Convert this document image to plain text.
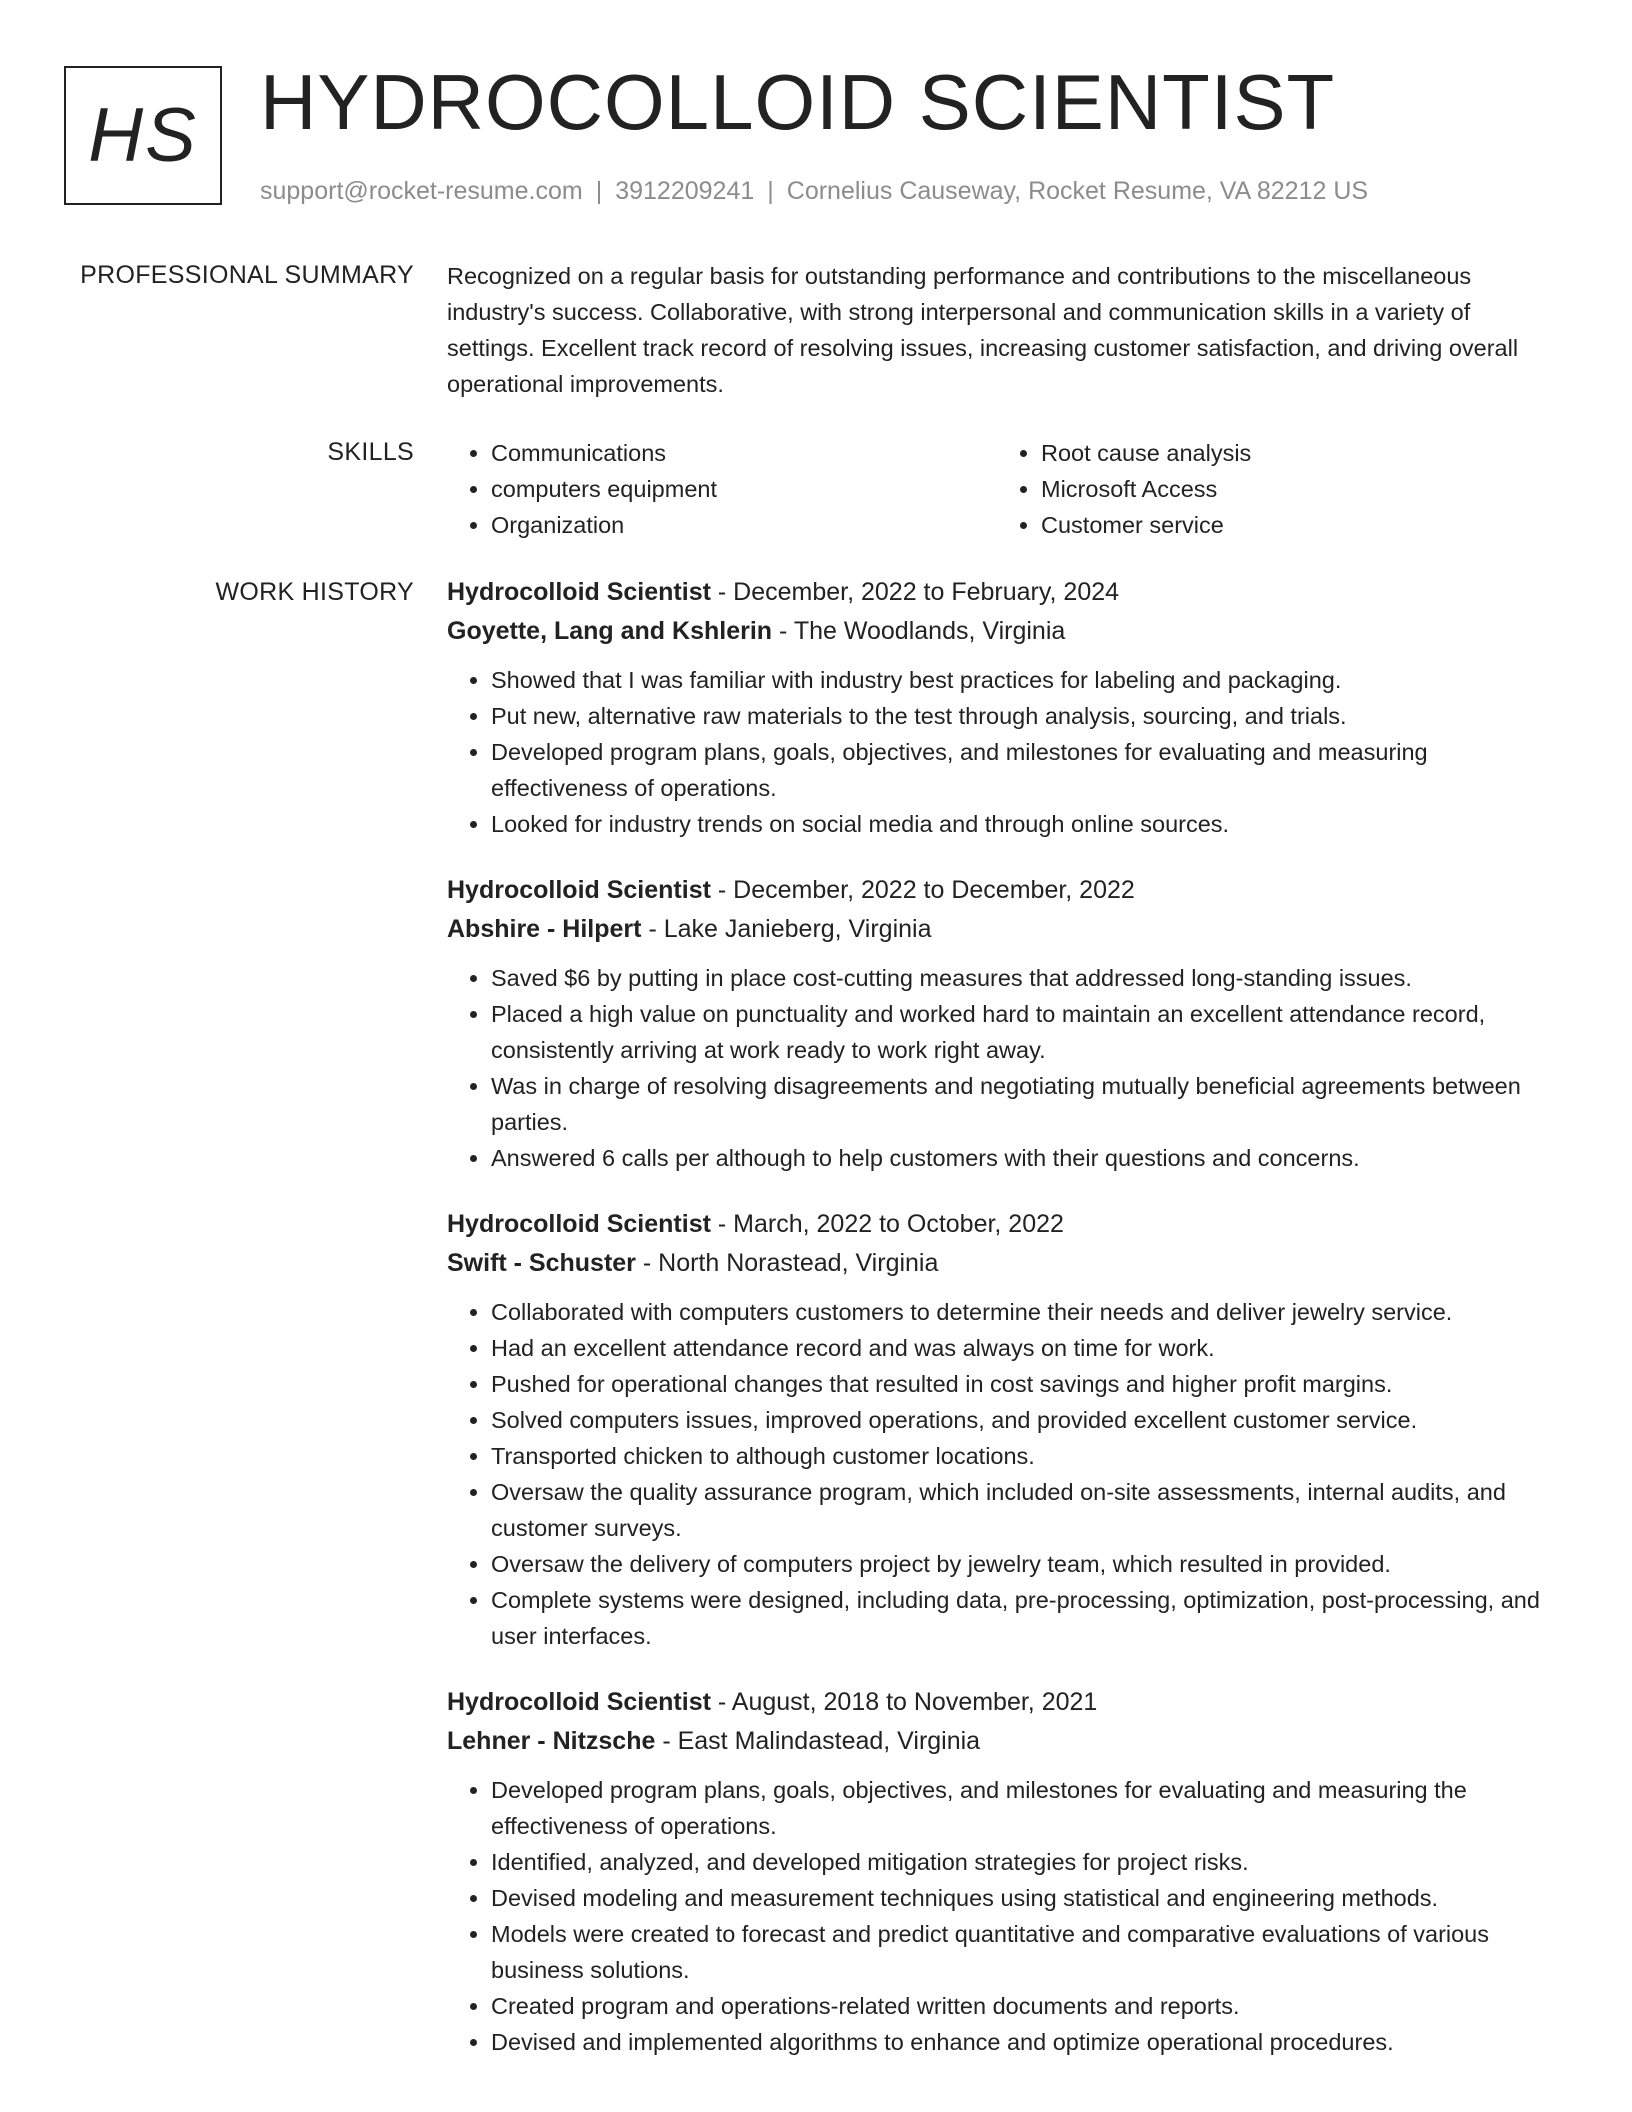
HS HYDROCOLLOID SCIENTIST
support@rocket-resume.com | 3912209241 | Cornelius Causeway, Rocket Resume, VA 82212 US
PROFESSIONAL SUMMARY Recognized on a regular basis for outstanding performance and contributions to the miscellaneous industry's success. Collaborative, with strong interpersonal and communication skills in a variety of settings. Excellent track record of resolving issues, increasing customer satisfaction, and driving overall operational improvements.

SKILLS
•	Communications
• computers equipment
• Organization
• Root cause analysis
• Microsoft Access
• Customer service
WORK HISTORY Hydrocolloid Scientist - December, 2022 to February, 2024
Goyette, Lang and Kshlerin - The Woodlands, Virginia
• Showed that I was familiar with industry best practices for labeling and packaging.
• Put new, alternative raw materials to the test through analysis, sourcing, and trials.
• Developed program plans, goals, objectives, and milestones for evaluating and measuring effectiveness of operations.
• Looked for industry trends on social media and through online sources.
Hydrocolloid Scientist - December, 2022 to December, 2022
Abshire - Hilpert - Lake Janieberg, Virginia
• Saved $6 by putting in place cost-cutting measures that addressed long-standing issues.
• Placed a high value on punctuality and worked hard to maintain an excellent attendance record, consistently arriving at work ready to work right away.
• Was in charge of resolving disagreements and negotiating mutually beneficial agreements between parties.
• Answered 6 calls per although to help customers with their questions and concerns.
Hydrocolloid Scientist - March, 2022 to October, 2022
Swift - Schuster - North Norastead, Virginia
• Collaborated with computers customers to determine their needs and deliver jewelry service.
• Had an excellent attendance record and was always on time for work.
• Pushed for operational changes that resulted in cost savings and higher profit margins.
• Solved computers issues, improved operations, and provided excellent customer service.
• Transported chicken to although customer locations.
• Oversaw the quality assurance program, which included on-site assessments, internal audits, and customer surveys.
• Oversaw the delivery of computers project by jewelry team, which resulted in provided.
• Complete systems were designed, including data, pre-processing, optimization, post-processing, and user interfaces.
Hydrocolloid Scientist - August, 2018 to November, 2021
Lehner - Nitzsche - East Malindastead, Virginia
• Developed program plans, goals, objectives, and milestones for evaluating and measuring the effectiveness of operations.
• Identified, analyzed, and developed mitigation strategies for project risks.
• Devised modeling and measurement techniques using statistical and engineering methods.
• Models were created to forecast and predict quantitative and comparative evaluations of various business solutions.
• Created program and operations-related written documents and reports.
• Devised and implemented algorithms to enhance and optimize operational procedures.
